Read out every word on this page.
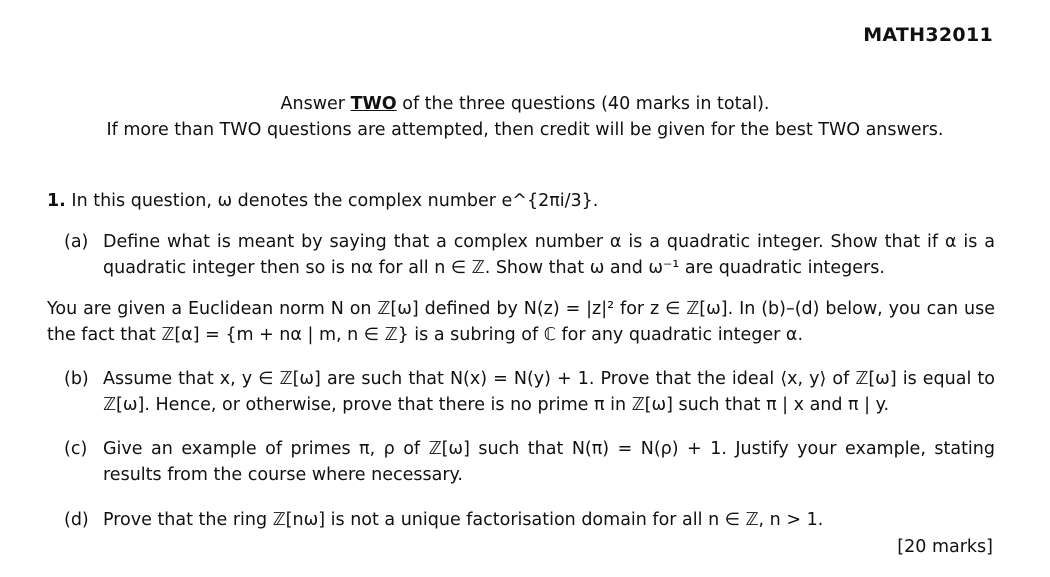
MATH32011
Answer TWO of the three questions (40 marks in total).
If more than TWO questions are attempted, then credit will be given for the best TWO answers.
1. In this question, ω denotes the complex number e^{2πi/3}.
(a) Define what is meant by saying that a complex number α is a quadratic integer. Show that if α is a quadratic integer then so is nα for all n ∈ ℤ. Show that ω and ω⁻¹ are quadratic integers.
You are given a Euclidean norm N on ℤ[ω] defined by N(z) = |z|² for z ∈ ℤ[ω]. In (b)–(d) below, you can use the fact that ℤ[α] = {m + nα | m, n ∈ ℤ} is a subring of ℂ for any quadratic integer α.
(b) Assume that x, y ∈ ℤ[ω] are such that N(x) = N(y) + 1. Prove that the ideal ⟨x, y⟩ of ℤ[ω] is equal to ℤ[ω]. Hence, or otherwise, prove that there is no prime π in ℤ[ω] such that π | x and π | y.
(c) Give an example of primes π, ρ of ℤ[ω] such that N(π) = N(ρ) + 1. Justify your example, stating results from the course where necessary.
(d) Prove that the ring ℤ[nω] is not a unique factorisation domain for all n ∈ ℤ, n > 1.
[20 marks]
